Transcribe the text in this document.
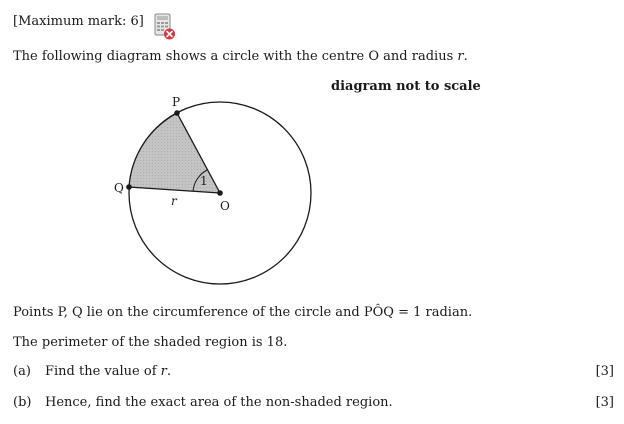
[Maximum mark: 6]
The following diagram shows a circle with the centre O and radius r.
diagram not to scale
P
Q
O
r
1
Points P, Q lie on the circumference of the circle and PÔQ = 1 radian.
The perimeter of the shaded region is 18.
(a) Find the value of r.	[3]
(b) Hence, find the exact area of the non-shaded region.	[3]
